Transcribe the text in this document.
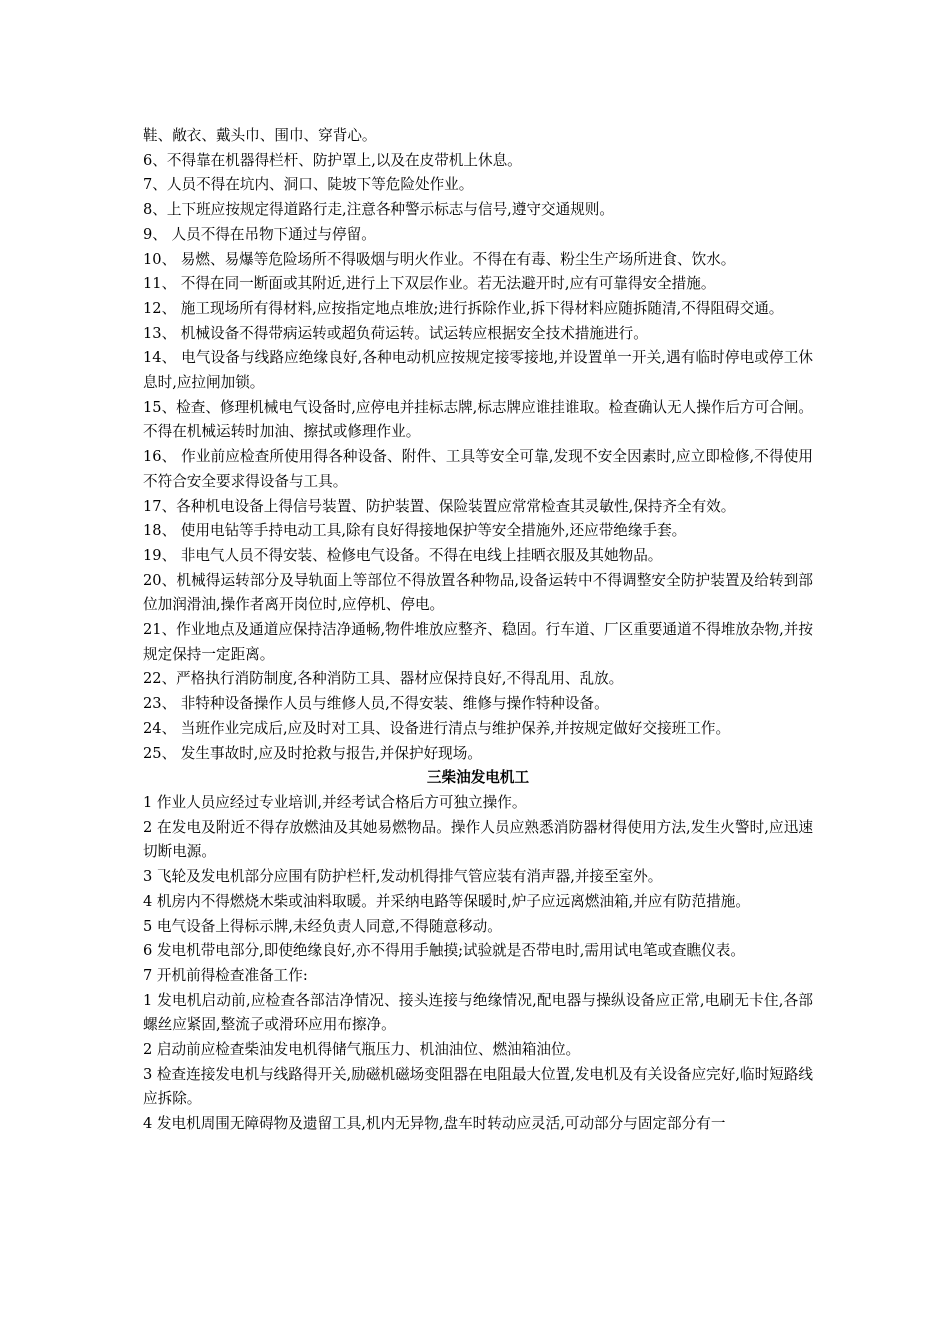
鞋、敞衣、戴头巾、围巾、穿背心。

6、不得靠在机器得栏杆、防护罩上,以及在皮带机上休息。

7、人员不得在坑内、洞口、陡坡下等危险处作业。

8、上下班应按规定得道路行走,注意各种警示标志与信号,遵守交通规则。

9、 人员不得在吊物下通过与停留。

10、 易燃、易爆等危险场所不得吸烟与明火作业。不得在有毒、粉尘生产场所进食、饮水。

11、 不得在同一断面或其附近,进行上下双层作业。若无法避开时,应有可靠得安全措施。

12、 施工现场所有得材料,应按指定地点堆放;进行拆除作业,拆下得材料应随拆随清,不得阻碍交通。

13、 机械设备不得带病运转或超负荷运转。试运转应根据安全技术措施进行。

14、 电气设备与线路应绝缘良好,各种电动机应按规定接零接地,并设置单一开关,遇有临时停电或停工休息时,应拉闸加锁。

15、检查、修理机械电气设备时,应停电并挂标志牌,标志牌应谁挂谁取。检查确认无人操作后方可合闸。不得在机械运转时加油、擦拭或修理作业。

16、 作业前应检查所使用得各种设备、附件、工具等安全可靠,发现不安全因素时,应立即检修,不得使用不符合安全要求得设备与工具。

17、各种机电设备上得信号装置、防护装置、保险装置应常常检查其灵敏性,保持齐全有效。

18、 使用电钻等手持电动工具,除有良好得接地保护等安全措施外,还应带绝缘手套。

19、 非电气人员不得安装、检修电气设备。不得在电线上挂晒衣服及其她物品。

20、机械得运转部分及导轨面上等部位不得放置各种物品,设备运转中不得调整安全防护装置及给转到部位加润滑油,操作者离开岗位时,应停机、停电。

21、作业地点及通道应保持洁净通畅,物件堆放应整齐、稳固。行车道、厂区重要通道不得堆放杂物,并按规定保持一定距离。

22、严格执行消防制度,各种消防工具、器材应保持良好,不得乱用、乱放。

23、 非特种设备操作人员与维修人员,不得安装、维修与操作特种设备。

24、 当班作业完成后,应及时对工具、设备进行清点与维护保养,并按规定做好交接班工作。

25、 发生事故时,应及时抢救与报告,并保护好现场。

三柴油发电机工

1 作业人员应经过专业培训,并经考试合格后方可独立操作。

2 在发电及附近不得存放燃油及其她易燃物品。操作人员应熟悉消防器材得使用方法,发生火警时,应迅速切断电源。

3 飞轮及发电机部分应围有防护栏杆,发动机得排气管应装有消声器,并接至室外。

4 机房内不得燃烧木柴或油料取暖。并采纳电路等保暖时,炉子应远离燃油箱,并应有防范措施。

5 电气设备上得标示牌,未经负责人同意,不得随意移动。

6 发电机带电部分,即使绝缘良好,亦不得用手触摸;试验就是否带电时,需用试电笔或查瞧仪表。

7 开机前得检查准备工作:

1 发电机启动前,应检查各部洁净情况、接头连接与绝缘情况,配电器与操纵设备应正常,电刷无卡住,各部螺丝应紧固,整流子或滑环应用布擦净。

2 启动前应检查柴油发电机得储气瓶压力、机油油位、燃油箱油位。

3 检查连接发电机与线路得开关,励磁机磁场变阻器在电阻最大位置,发电机及有关设备应完好,临时短路线应拆除。

4 发电机周围无障碍物及遗留工具,机内无异物,盘车时转动应灵活,可动部分与固定部分有一
